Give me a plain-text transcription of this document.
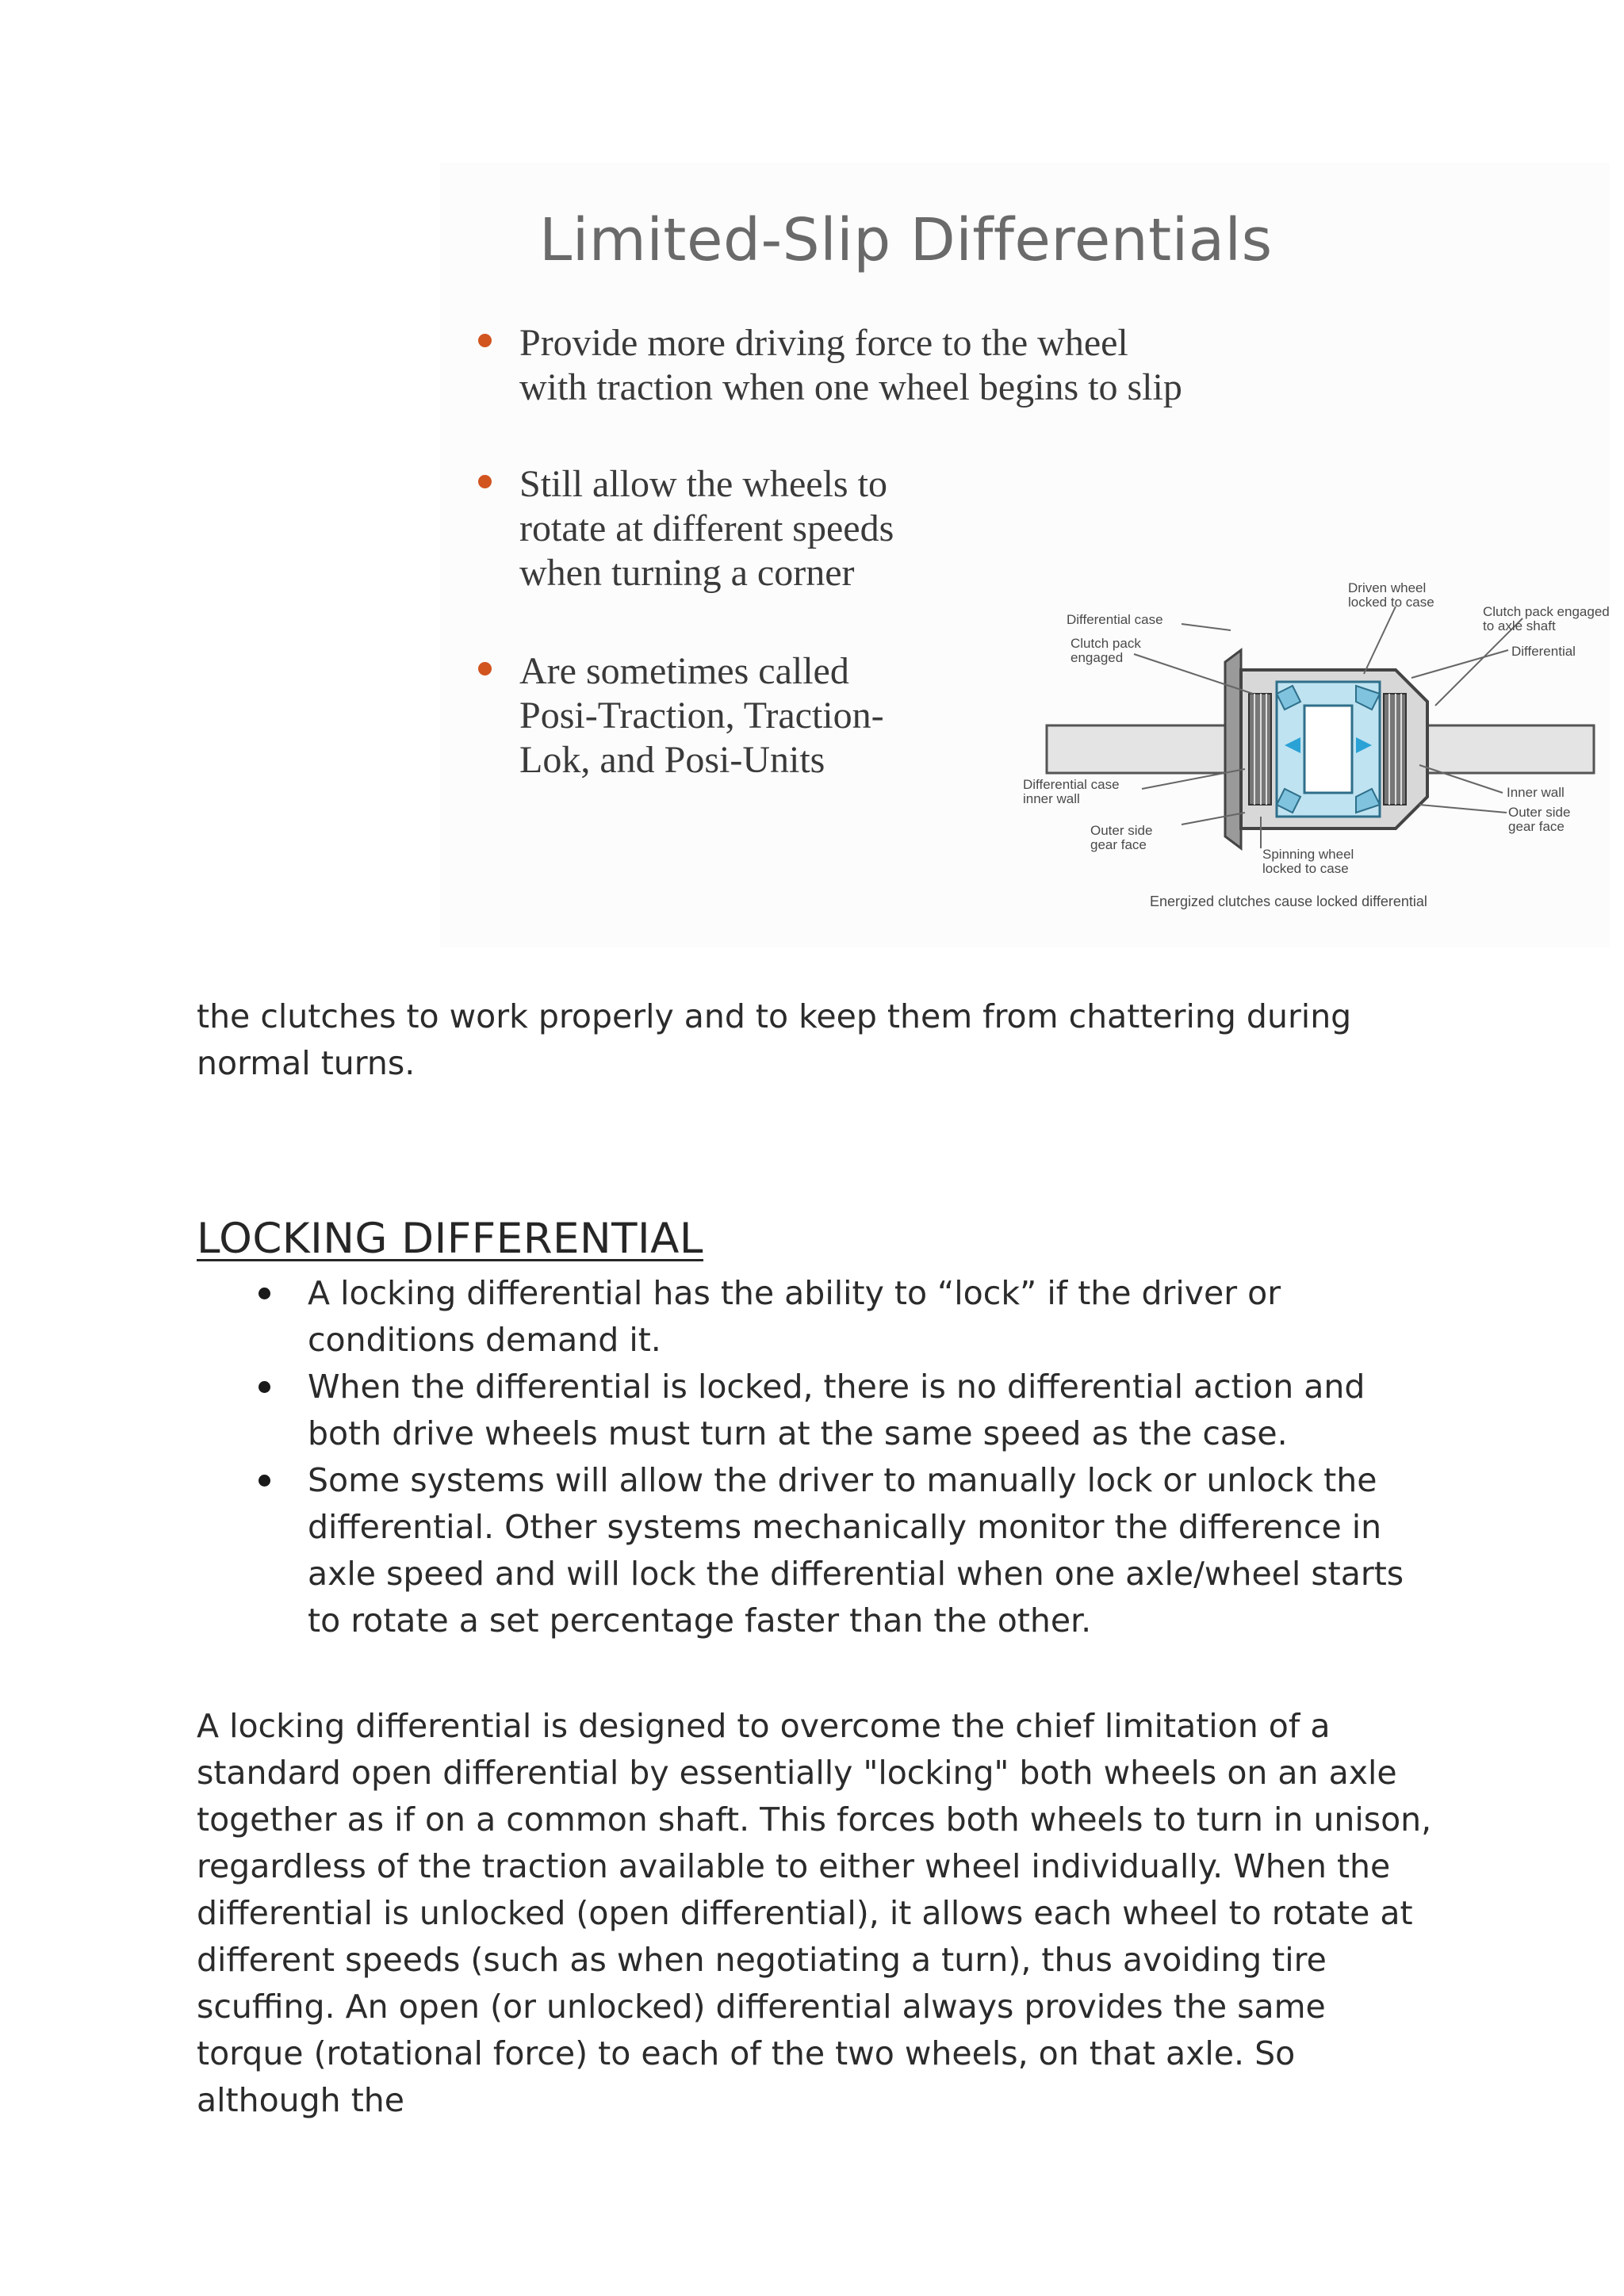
Limited-Slip Differentials

Provide more driving force to the wheel with traction when one wheel begins to slip

Still allow the wheels to rotate at different speeds when turning a corner

Are sometimes called Posi-Traction, Traction-Lok, and Posi-Units

Driven wheel
locked to case
Differential case
Clutch pack
engaged
Clutch pack engaged
to axle shaft
Differential
Differential case
inner wall	Inner wall
Outer side
gear face
Outer side
gear face
Spinning wheel
locked to case
Energized clutches cause locked differential

the clutches to work properly and to keep them from chattering during normal turns.

LOCKING DIFFERENTIAL
A locking differential has the ability to “lock” if the driver or conditions demand it.
When the differential is locked, there is no differential action and both drive wheels must turn at the same speed as the case.
Some systems will allow the driver to manually lock or unlock the differential. Other systems mechanically monitor the difference in axle speed and will lock the differential when one axle/wheel starts to rotate a set percentage faster than the other.

A locking differential is designed to overcome the chief limitation of a standard open differential by essentially "locking" both wheels on an axle together as if on a common shaft. This forces both wheels to turn in unison, regardless of the traction available to either wheel individually. When the differential is unlocked (open differential), it allows each wheel to rotate at different speeds (such as when negotiating a turn), thus avoiding tire scuffing. An open (or unlocked) differential always provides the same torque (rotational force) to each of the two wheels, on that axle. So although the
